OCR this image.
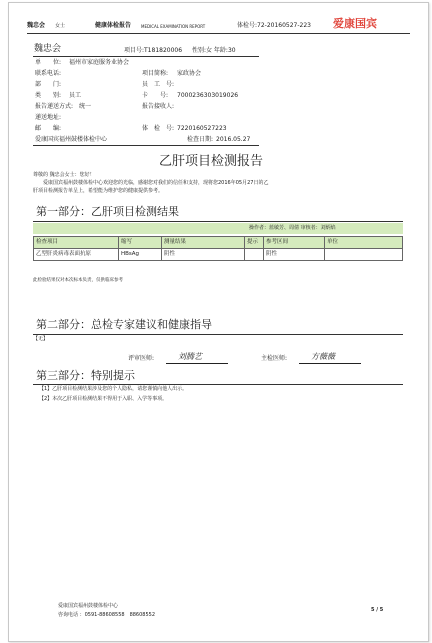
魏忠会 女士	健康体检报告 MEDICAL EXAMINATION REPORT	体检号:72-20160527-223 爱康国宾
魏忠会	项目号:T181820006 性别:女 年龄:30
单　　位: 福州市家庭服务业协会
联系电话:	项目简称: 家政协会
部　　门:	员　工　号:
类　　别: 员工	卡　　号: 7000236303019026
报告递送方式: 统一	报告接收人:
递送地址:
邮　　编:	体　检　号: 7220160527223
爱康国宾福州鼓楼体检中心	检查日期: 2016.05.27
乙肝项目检测报告
尊敬的 魏忠会女士：您好！
爱康国宾福州鼓楼体检中心欢迎您的光临，感谢您对我们的信任和支持，现将您2016年05月27日的乙
肝项目检测报告单呈上，希望能为维护您的健康提供参考。
第一部分：乙肝项目检测结果
操作者：蓝敏芳、周倩 审核者：刘炳焰
检查项目	缩写	测量结果	提示	参考区间	单位
乙型肝炎病毒表面抗原	HBsAg	阴性		阴性	
此检验结果仅对本次标本负责，仅供临床参考
第二部分：总检专家建议和健康指导
【无】
评审医师:	刘腾艺	主检医师:	方薇薇
第三部分：特别提示
【1】乙肝项目检测结果涉及您的个人隐私，请您谨慎向他人出示。
【2】本次乙肝项目检测结果不得用于入职、入学等事项。
爱康国宾福州鼓楼体检中心
咨询电话 ：0591-88608558　88608552
5 / 5
